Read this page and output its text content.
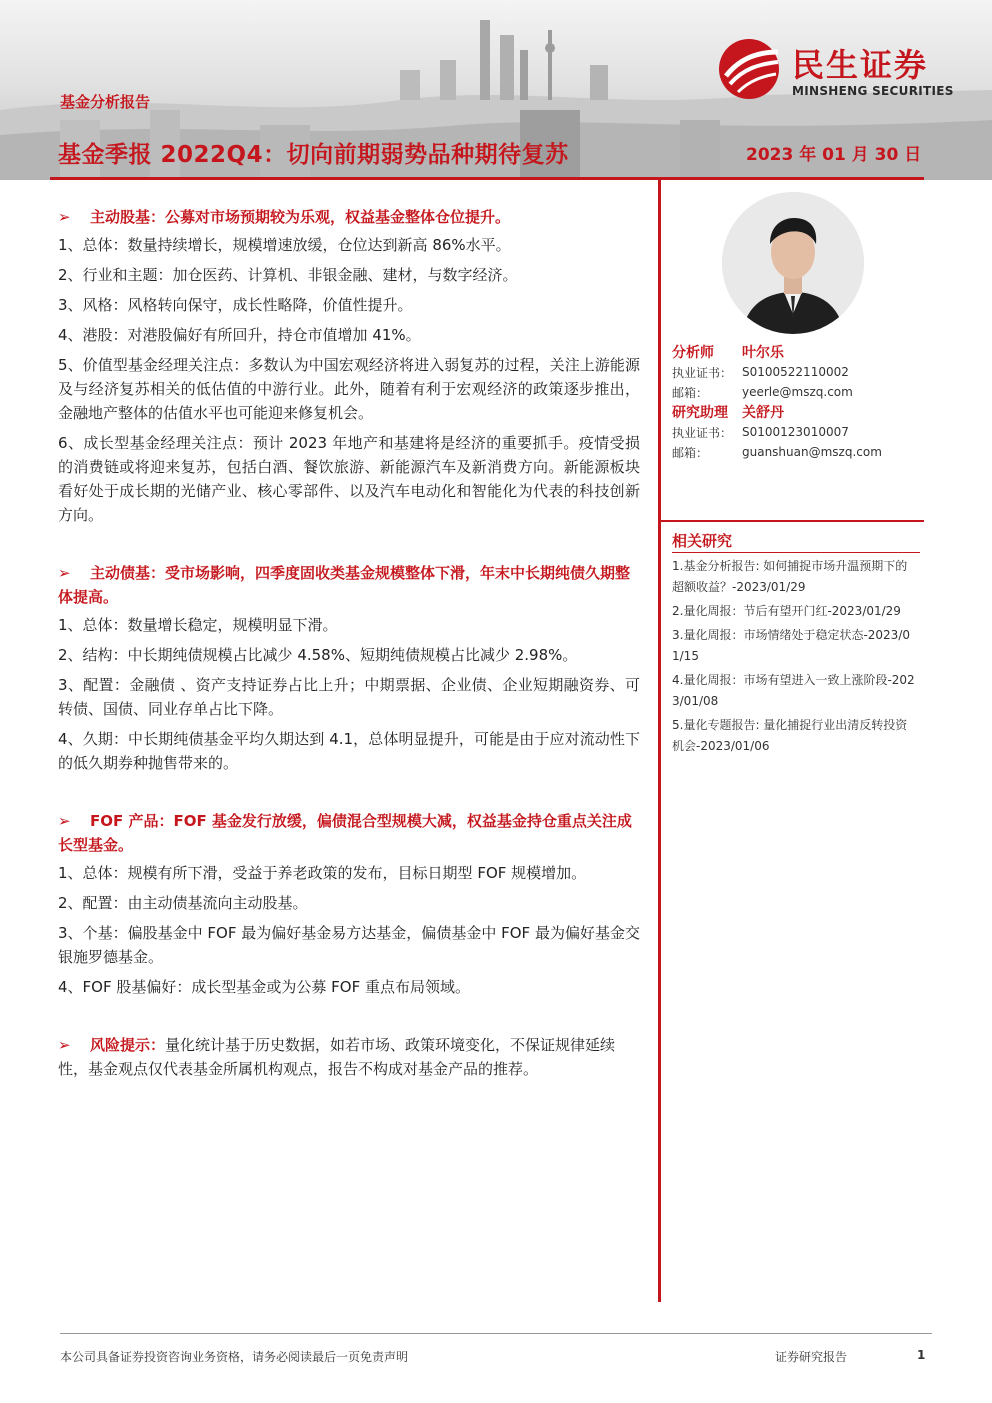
民生证券
MINSHENG SECURITIES
基金分析报告
基金季报 2022Q4：切向前期弱势品种期待复苏	2023 年 01 月 30 日
➢ 主动股基：公募对市场预期较为乐观，权益基金整体仓位提升。

1、总体：数量持续增长，规模增速放缓，仓位达到新高 86%水平。

2、行业和主题：加仓医药、计算机、非银金融、建材，与数字经济。

3、风格：风格转向保守，成长性略降，价值性提升。

4、港股：对港股偏好有所回升，持仓市值增加 41%。

5、价值型基金经理关注点：多数认为中国宏观经济将进入弱复苏的过程，关注上游能源及与经济复苏相关的低估值的中游行业。此外，随着有利于宏观经济的政策逐步推出，金融地产整体的估值水平也可能迎来修复机会。

6、成长型基金经理关注点：预计 2023 年地产和基建将是经济的重要抓手。疫情受损的消费链或将迎来复苏，包括白酒、餐饮旅游、新能源汽车及新消费方向。新能源板块看好处于成长期的光储产业、核心零部件、以及汽车电动化和智能化为代表的科技创新方向。

➢ 主动债基：受市场影响，四季度固收类基金规模整体下滑，年末中长期纯债久期整体提高。

1、总体：数量增长稳定，规模明显下滑。

2、结构：中长期纯债规模占比减少 4.58%、短期纯债规模占比减少 2.98%。

3、配置：金融债 、资产支持证券占比上升；中期票据、企业债、企业短期融资券、可转债、国债、同业存单占比下降。

4、久期：中长期纯债基金平均久期达到 4.1，总体明显提升，可能是由于应对流动性下的低久期券种抛售带来的。

➢ FOF 产品：FOF 基金发行放缓，偏债混合型规模大减，权益基金持仓重点关注成长型基金。

1、总体：规模有所下滑，受益于养老政策的发布，目标日期型 FOF 规模增加。

2、配置：由主动债基流向主动股基。

3、个基：偏股基金中 FOF 最为偏好基金易方达基金，偏债基金中 FOF 最为偏好基金交银施罗德基金。

4、FOF 股基偏好：成长型基金或为公募 FOF 重点布局领域。

➢ 风险提示：量化统计基于历史数据，如若市场、政策环境变化，不保证规律延续性，基金观点仅代表基金所属机构观点，报告不构成对基金产品的推荐。
分析师	叶尔乐
执业证书： S0100522110002
邮箱：	yeerle@mszq.com
研究助理	关舒丹
执业证书： S0100123010007
邮箱：	guanshuan@mszq.com
相关研究

1.基金分析报告: 如何捕捉市场升温预期下的超额收益？-2023/01/29

2.量化周报：节后有望开门红-2023/01/29

3.量化周报：市场情绪处于稳定状态-2023/01/15

4.量化周报：市场有望进入一致上涨阶段-2023/01/08

5.量化专题报告: 量化捕捉行业出清反转投资机会-2023/01/06

本公司具备证券投资咨询业务资格，请务必阅读最后一页免责声明	证券研究报告	1
